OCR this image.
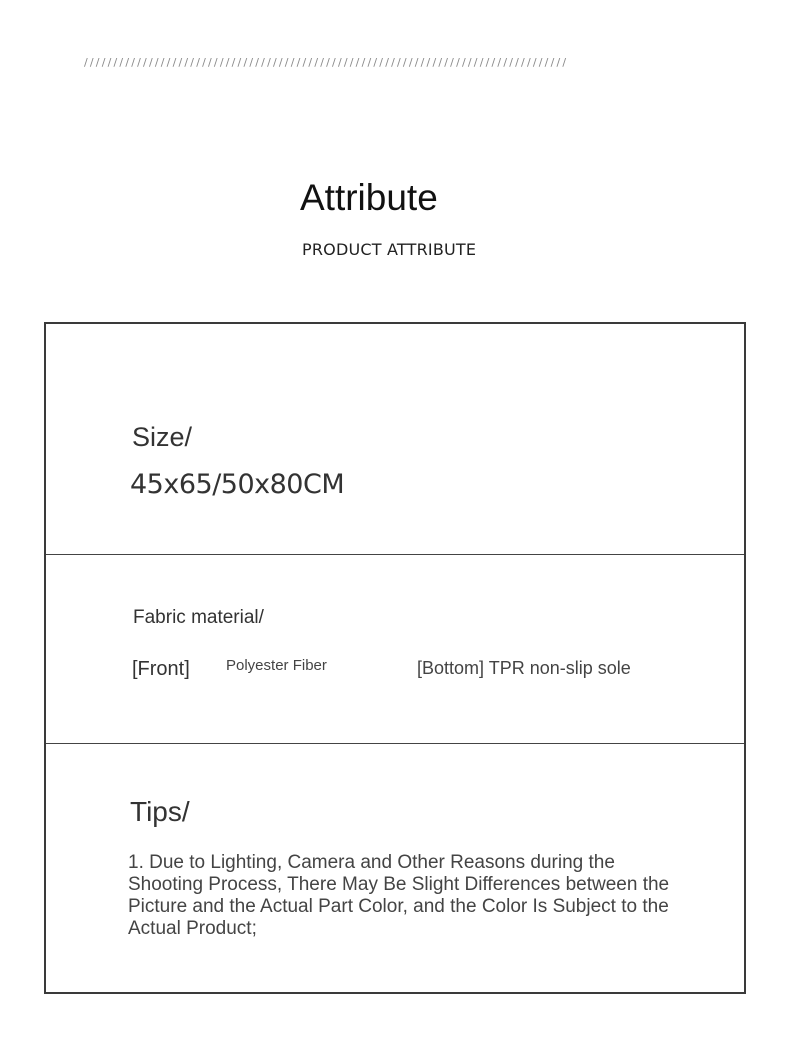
//////////////////////////////////////////////////////////////////////////////////
Attribute
PRODUCT ATTRIBUTE
Size/
45x65/50x80CM
Fabric material/
[Front] Polyester Fiber	[Bottom] TPR non-slip sole
Tips/
1. Due to Lighting, Camera and Other Reasons during the Shooting Process, There May Be Slight Differences between the Picture and the Actual Part Color, and the Color Is Subject to the Actual Product;
